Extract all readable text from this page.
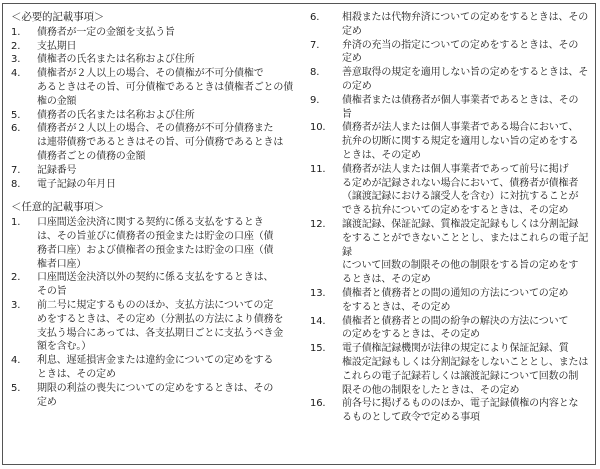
＜必要的記載事項＞
1.	債務者が一定の金額を支払う旨
2.	支払期日
3.	債権者の氏名または名称および住所
4.	債権者が２人以上の場合、その債権が不可分債権で
あるときはその旨、可分債権であるときは債権者ごとの債
権の金額
5.	債務者の氏名または名称および住所
6.	債務者が２人以上の場合、その債務が不可分債務また
は連帯債務であるときはその旨、可分債務であるときは
債務者ごとの債務の金額
7.	記録番号
8.	電子記録の年月日
＜任意的記載事項＞
1.	口座間送金決済に関する契約に係る支払をするとき
は、その旨並びに債務者の預金または貯金の口座（債
務者口座）および債権者の預金または貯金の口座（債
権者口座）
2.	口座間送金決済以外の契約に係る支払をするときは、
その旨
3.	前二号に規定するもののほか、支払方法についての定
めをするときは、その定め（分割払の方法により債務を
支払う場合にあっては、各支払期日ごとに支払うべき金
額を含む。）
4.	利息、遅延損害金または違約金についての定めをする
ときは、その定め
5.	期限の利益の喪失についての定めをするときは、その
定め
6.	相殺または代物弁済についての定めをするときは、その
定め
7.	弁済の充当の指定についての定めをするときは、その
定め
8.	善意取得の規定を適用しない旨の定めをするときは、そ
の定め
9.	債権者または債務者が個人事業者であるときは、その
旨
10.	債務者が法人または個人事業者である場合において、
抗弁の切断に関する規定を適用しない旨の定めをする
ときは、その定め
11.	債務者が法人または個人事業者であって前号に掲げ
る定めが記録されない場合において、債務者が債権者
（譲渡記録における譲受人を含む）に対抗することが
できる抗弁についての定めをするときは、その定め
12.	譲渡記録、保証記録、質権設定記録もしくは分割記録
をすることができないこととし、またはこれらの電子記録
について回数の制限その他の制限をする旨の定めをす
るときは、その定め
13.	債権者と債務者との間の通知の方法についての定め
をするときは、その定め
14.	債権者と債務者との間の紛争の解決の方法について
の定めをするときは、その定め
15.	電子債権記録機関が法律の規定により保証記録、質
権設定記録もしくは分割記録をしないこととし、または
これらの電子記録若しくは譲渡記録について回数の制
限その他の制限をしたときは、その定め
16.	前各号に掲げるもののほか、電子記録債権の内容とな
るものとして政令で定める事項
